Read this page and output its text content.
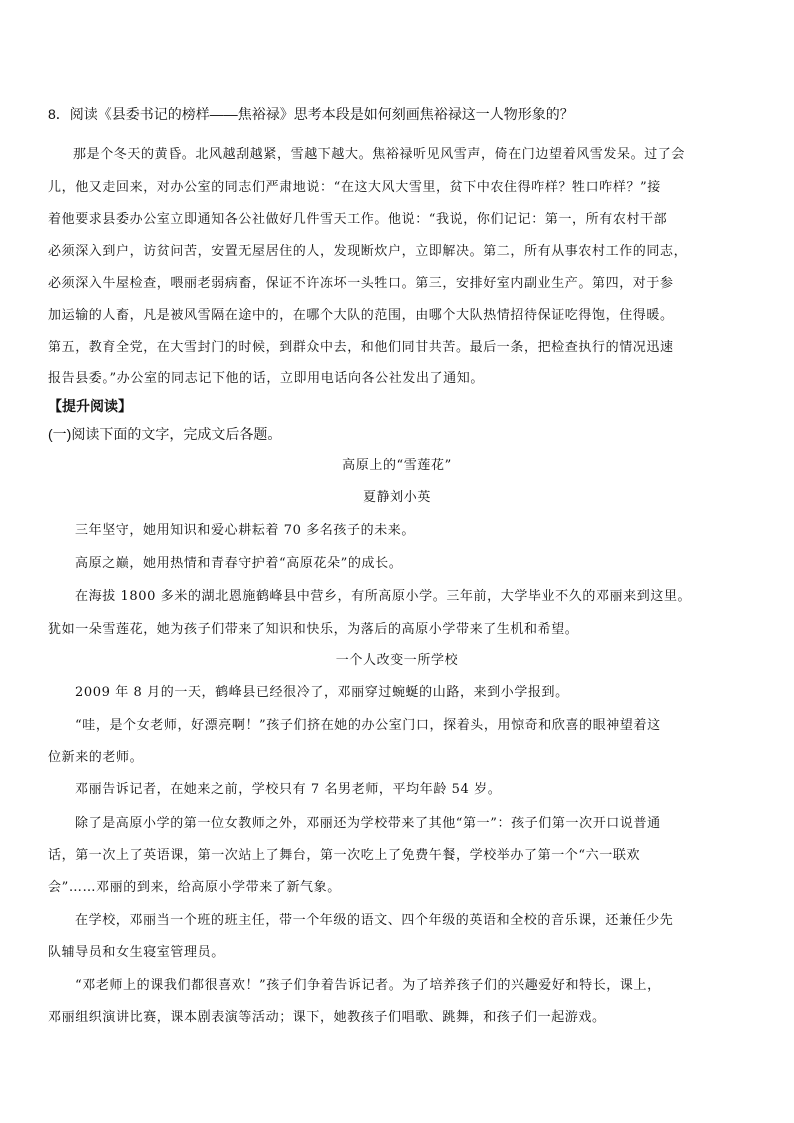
8．阅读《县委书记的榜样——焦裕禄》思考本段是如何刻画焦裕禄这一人物形象的？
那是个冬天的黄昏。北风越刮越紧，雪越下越大。焦裕禄听见风雪声，倚在门边望着风雪发呆。过了会
儿，他又走回来，对办公室的同志们严肃地说：“在这大风大雪里，贫下中农住得咋样？牲口咋样？”接
着他要求县委办公室立即通知各公社做好几件雪天工作。他说：“我说，你们记记：第一，所有农村干部
必须深入到户，访贫问苦，安置无屋居住的人，发现断炊户，立即解决。第二，所有从事农村工作的同志，
必须深入牛屋检查，喂丽老弱病畜，保证不许冻坏一头牲口。第三，安排好室内副业生产。第四，对于参
加运输的人畜，凡是被风雪隔在途中的，在哪个大队的范围，由哪个大队热情招待保证吃得饱，住得暖。
第五，教育全党，在大雪封门的时候，到群众中去，和他们同甘共苦。最后一条，把检查执行的情况迅速
报告县委。”办公室的同志记下他的话，立即用电话向各公社发出了通知。
【提升阅读】
(一)阅读下面的文字，完成文后各题。
高原上的“雪莲花”
夏静刘小英
三年坚守，她用知识和爱心耕耘着 70 多名孩子的未来。
高原之巅，她用热情和青春守护着“高原花朵”的成长。
在海拔 1800 多米的湖北恩施鹤峰县中营乡，有所高原小学。三年前，大学毕业不久的邓丽来到这里。
犹如一朵雪莲花，她为孩子们带来了知识和快乐，为落后的高原小学带来了生机和希望。
一个人改变一所学校
2009 年 8 月的一天，鹤峰县已经很冷了，邓丽穿过蜿蜒的山路，来到小学报到。
“哇，是个女老师，好漂亮啊！”孩子们挤在她的办公室门口，探着头，用惊奇和欣喜的眼神望着这
位新来的老师。
邓丽告诉记者，在她来之前，学校只有 7 名男老师，平均年龄 54 岁。
除了是高原小学的第一位女教师之外，邓丽还为学校带来了其他“第一”：孩子们第一次开口说普通
话，第一次上了英语课，第一次站上了舞台，第一次吃上了免费午餐，学校举办了第一个“六一联欢
会”……邓丽的到来，给高原小学带来了新气象。
在学校，邓丽当一个班的班主任，带一个年级的语文、四个年级的英语和全校的音乐课，还兼任少先
队辅导员和女生寝室管理员。
“邓老师上的课我们都很喜欢！”孩子们争着告诉记者。为了培养孩子们的兴趣爱好和特长，课上，
邓丽组织演讲比赛，课本剧表演等活动；课下，她教孩子们唱歌、跳舞，和孩子们一起游戏。
